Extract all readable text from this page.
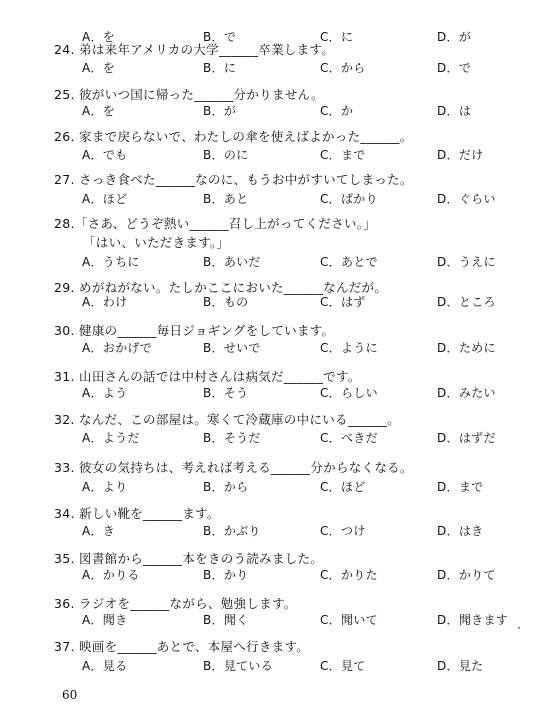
A．を	B．で	C．に	D．が
24. 弟は来年アメリカの大学______卒業します。
A．を	B．に	C．から	D．で
25. 彼がいつ国に帰った______分かりません。
A．を	B．が	C．か	D．は
26. 家まで戻らないで、わたしの傘を使えばよかった______。
A．でも	B．のに	C．まで	D．だけ
27. さっき食べた______なのに、もうお中がすいてしまった。
A．ほど	B．あと	C．ばかり	D．ぐらい
28.「さあ、どうぞ熱い______召し上がってください。」
「はい、いただきます。」
A．うちに	B．あいだ	C．あとで	D．うえに
29. めがねがない。たしかここにおいた______なんだが。
A．わけ	B．もの	C．はず	D．ところ
30. 健康の______毎日ジョギングをしています。
A．おかげで	B．せいで	C．ように	D．ために
31. 山田さんの話では中村さんは病気だ______です。
A．よう	B．そう	C．らしい	D．みたい
32. なんだ、この部屋は。寒くて冷蔵庫の中にいる______。
A．ようだ	B．そうだ	C．べきだ	D．はずだ
33. 彼女の気持ちは、考えれば考える______分からなくなる。
A．より	B．から	C．ほど	D．まで
34. 新しい靴を______ます。
A．き	B．かぶり	C．つけ	D．はき
35. 図書館から______本をきのう読みました。
A．かりる	B．かり	C．かりた	D．かりて
36. ラジオを______ながら、勉強します。
A．聞き	B．聞く	C．聞いて	D．聞きます
37. 映画を______あとで、本屋へ行きます。
A．見る	B．見ている	C．見て	D．見た
60
·
